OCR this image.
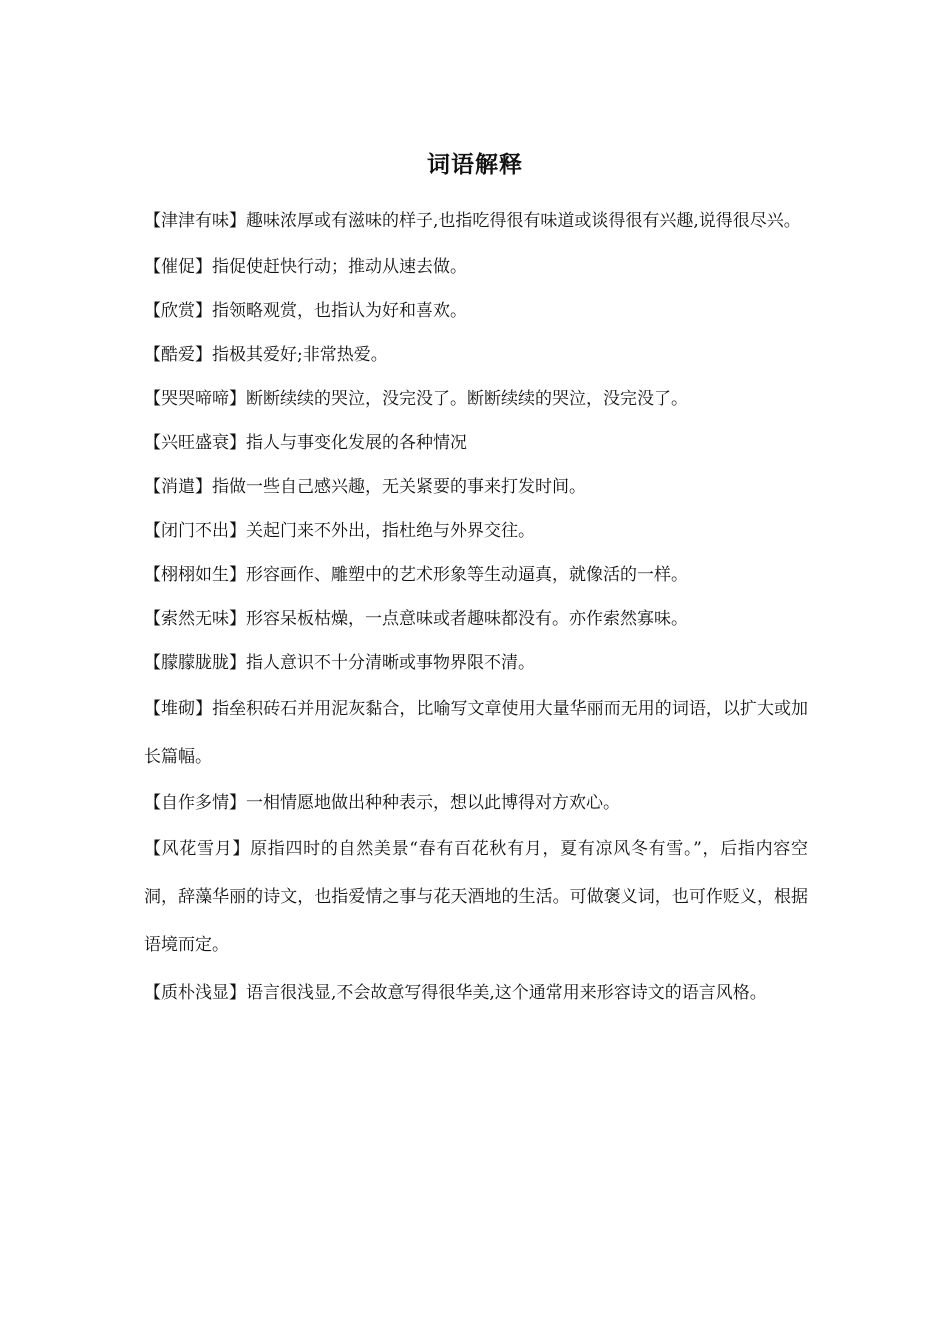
词语解释

【津津有味】趣味浓厚或有滋味的样子,也指吃得很有味道或谈得很有兴趣,说得很尽兴。

【催促】指促使赶快行动；推动从速去做。

【欣赏】指领略观赏，也指认为好和喜欢。

【酷爱】指极其爱好;非常热爱。

【哭哭啼啼】断断续续的哭泣，没完没了。断断续续的哭泣，没完没了。

【兴旺盛衰】指人与事变化发展的各种情况

【消遣】指做一些自己感兴趣，无关紧要的事来打发时间。

【闭门不出】关起门来不外出，指杜绝与外界交往。

【栩栩如生】形容画作、雕塑中的艺术形象等生动逼真，就像活的一样。

【索然无味】形容呆板枯燥，一点意味或者趣味都没有。亦作索然寡味。

【朦朦胧胧】指人意识不十分清晰或事物界限不清。

【堆砌】指垒积砖石并用泥灰黏合，比喻写文章使用大量华丽而无用的词语，以扩大或加长篇幅。

【自作多情】一相情愿地做出种种表示，想以此博得对方欢心。

【风花雪月】原指四时的自然美景“春有百花秋有月，夏有凉风冬有雪。”，后指内容空洞，辞藻华丽的诗文，也指爱情之事与花天酒地的生活。可做褒义词，也可作贬义，根据语境而定。

【质朴浅显】语言很浅显,不会故意写得很华美,这个通常用来形容诗文的语言风格。
